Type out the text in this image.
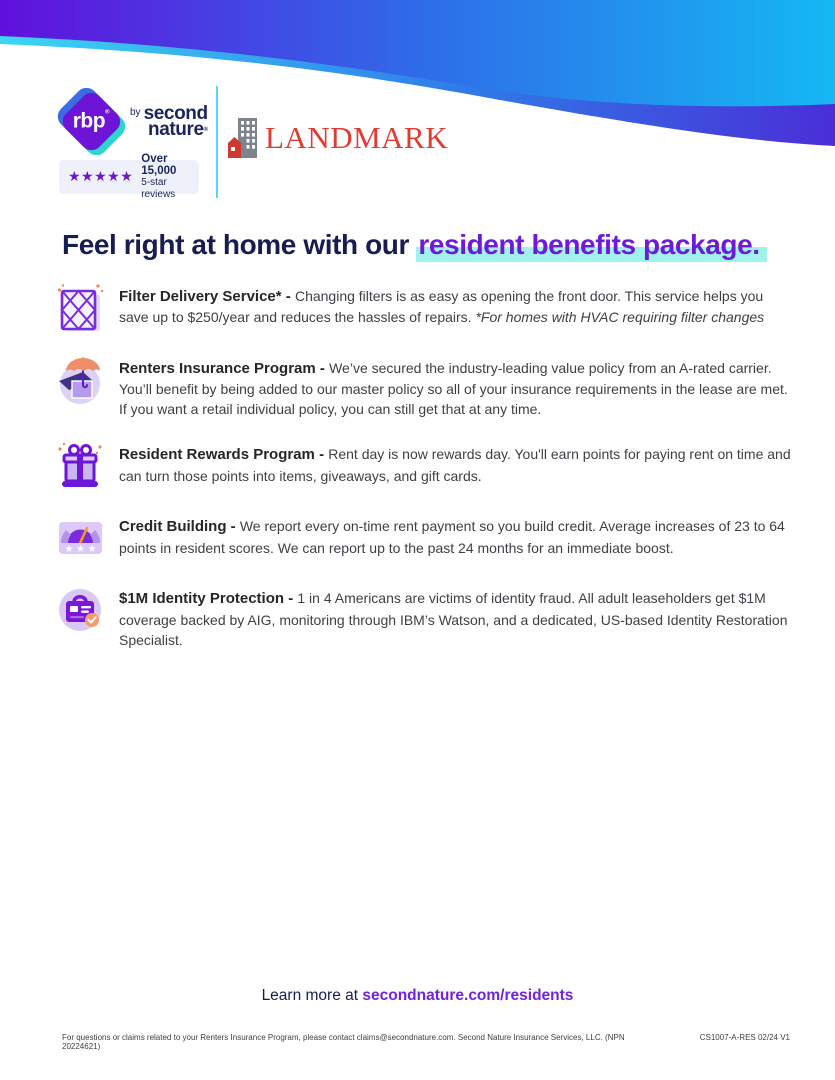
rbp® by second
nature®
★★★★★
Over 15,000
5-star reviews
LANDMARK
Feel right at home with our resident benefits package.
Filter Delivery Service* - Changing filters is as easy as opening the front door. This service helps you save up to $250/year and reduces the hassles of repairs. *For homes with HVAC requiring filter changes
Renters Insurance Program - We’ve secured the industry-leading value policy from an A-rated carrier. You’ll benefit by being added to our master policy so all of your insurance requirements in the lease are met. If you want a retail individual policy, you can still get that at any time.
Resident Rewards Program - Rent day is now rewards day. You'll earn points for paying rent on time and can turn those points into items, giveaways, and gift cards.
★ ★ ★
Credit Building - We report every on-time rent payment so you build credit. Average increases of 23 to 64 points in resident scores. We can report up to the past 24 months for an immediate boost.
$1M Identity Protection - 1 in 4 Americans are victims of identity fraud. All adult leaseholders get $1M coverage backed by AIG, monitoring through IBM’s Watson, and a dedicated, US-based Identity Restoration Specialist.
Learn more at secondnature.com/residents
For questions or claims related to your Renters Insurance Program, please contact claims@secondnature.com. Second Nature Insurance Services, LLC. (NPN 20224621)
CS1007-A-RES 02/24 V1
